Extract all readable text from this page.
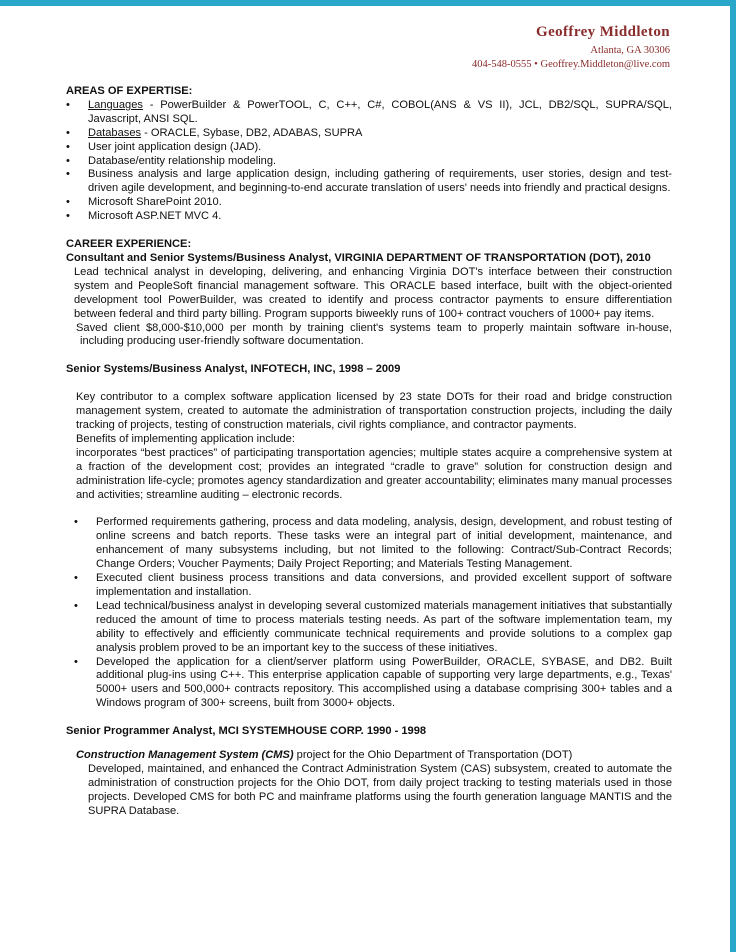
Geoffrey Middleton
Atlanta, GA 30306
404-548-0555 • Geoffrey.Middleton@live.com
AREAS OF EXPERTISE:
• Languages - PowerBuilder & PowerTOOL, C, C++, C#, COBOL(ANS & VS II), JCL, DB2/SQL, SUPRA/SQL, Javascript, ANSI SQL.
• Databases - ORACLE, Sybase, DB2, ADABAS, SUPRA
• User joint application design (JAD).
• Database/entity relationship modeling.
• Business analysis and large application design, including gathering of requirements, user stories, design and test-driven agile development, and beginning-to-end accurate translation of users' needs into friendly and practical designs.
• Microsoft SharePoint 2010.
• Microsoft ASP.NET MVC 4.
CAREER EXPERIENCE:
Consultant and Senior Systems/Business Analyst, VIRGINIA DEPARTMENT OF TRANSPORTATION (DOT), 2010
Lead technical analyst in developing, delivering, and enhancing Virginia DOT's interface between their construction system and PeopleSoft financial management software. This ORACLE based interface, built with the object-oriented development tool PowerBuilder, was created to identify and process contractor payments to ensure differentiation between federal and third party billing. Program supports biweekly runs of 100+ contract vouchers of 1000+ pay items.
Saved client $8,000-$10,000 per month by training client's systems team to properly maintain software in-house, including producing user-friendly software documentation.
Senior Systems/Business Analyst, INFOTECH, INC, 1998 – 2009
Key contributor to a complex software application licensed by 23 state DOTs for their road and bridge construction management system, created to automate the administration of transportation construction projects, including the daily tracking of projects, testing of construction materials, civil rights compliance, and contractor payments.
Benefits of implementing application include:
incorporates “best practices” of participating transportation agencies; multiple states acquire a comprehensive system at a fraction of the development cost; provides an integrated “cradle to grave” solution for construction design and administration life-cycle; promotes agency standardization and greater accountability; eliminates many manual processes and activities; streamline auditing – electronic records.
• Performed requirements gathering, process and data modeling, analysis, design, development, and robust testing of online screens and batch reports. These tasks were an integral part of initial development, maintenance, and enhancement of many subsystems including, but not limited to the following: Contract/Sub-Contract Records; Change Orders; Voucher Payments; Daily Project Reporting; and Materials Testing Management.
• Executed client business process transitions and data conversions, and provided excellent support of software implementation and installation.
• Lead technical/business analyst in developing several customized materials management initiatives that substantially reduced the amount of time to process materials testing needs. As part of the software implementation team, my ability to effectively and efficiently communicate technical requirements and provide solutions to a complex gap analysis problem proved to be an important key to the success of these initiatives.
• Developed the application for a client/server platform using PowerBuilder, ORACLE, SYBASE, and DB2. Built additional plug-ins using C++. This enterprise application capable of supporting very large departments, e.g., Texas' 5000+ users and 500,000+ contracts repository. This accomplished using a database comprising 300+ tables and a Windows program of 300+ screens, built from 3000+ objects.
Senior Programmer Analyst, MCI SYSTEMHOUSE CORP. 1990 - 1998
Construction Management System (CMS) project for the Ohio Department of Transportation (DOT)
Developed, maintained, and enhanced the Contract Administration System (CAS) subsystem, created to automate the administration of construction projects for the Ohio DOT, from daily project tracking to testing materials used in those projects. Developed CMS for both PC and mainframe platforms using the fourth generation language MANTIS and the SUPRA Database.
